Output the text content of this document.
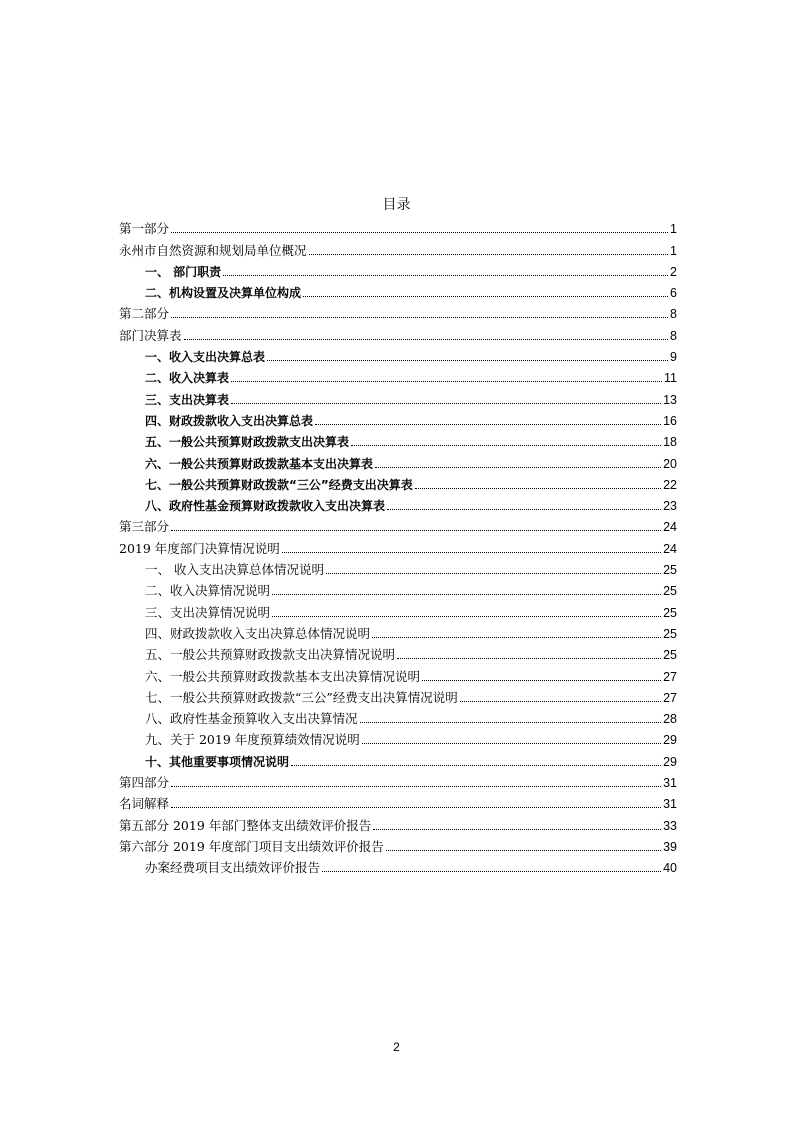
目录
第一部分	1
永州市自然资源和规划局单位概况	1
一、 部门职责	2
二、机构设置及决算单位构成	6
第二部分	8
部门决算表	8
一、收入支出决算总表	9
二、收入决算表	11
三、支出决算表	13
四、财政拨款收入支出决算总表	16
五、一般公共预算财政拨款支出决算表	18
六、一般公共预算财政拨款基本支出决算表	20
七、一般公共预算财政拨款“三公”经费支出决算表	22
八、政府性基金预算财政拨款收入支出决算表	23
第三部分	24
2019 年度部门决算情况说明	24
一、 收入支出决算总体情况说明	25
二、收入决算情况说明	25
三、支出决算情况说明	25
四、财政拨款收入支出决算总体情况说明	25
五、一般公共预算财政拨款支出决算情况说明	25
六、一般公共预算财政拨款基本支出决算情况说明	27
七、一般公共预算财政拨款“三公”经费支出决算情况说明	27
八、政府性基金预算收入支出决算情况	28
九、关于 2019 年度预算绩效情况说明	29
十、其他重要事项情况说明	29
第四部分	31
名词解释	31
第五部分 2019 年部门整体支出绩效评价报告	33
第六部分 2019 年度部门项目支出绩效评价报告	39
办案经费项目支出绩效评价报告	40
2
